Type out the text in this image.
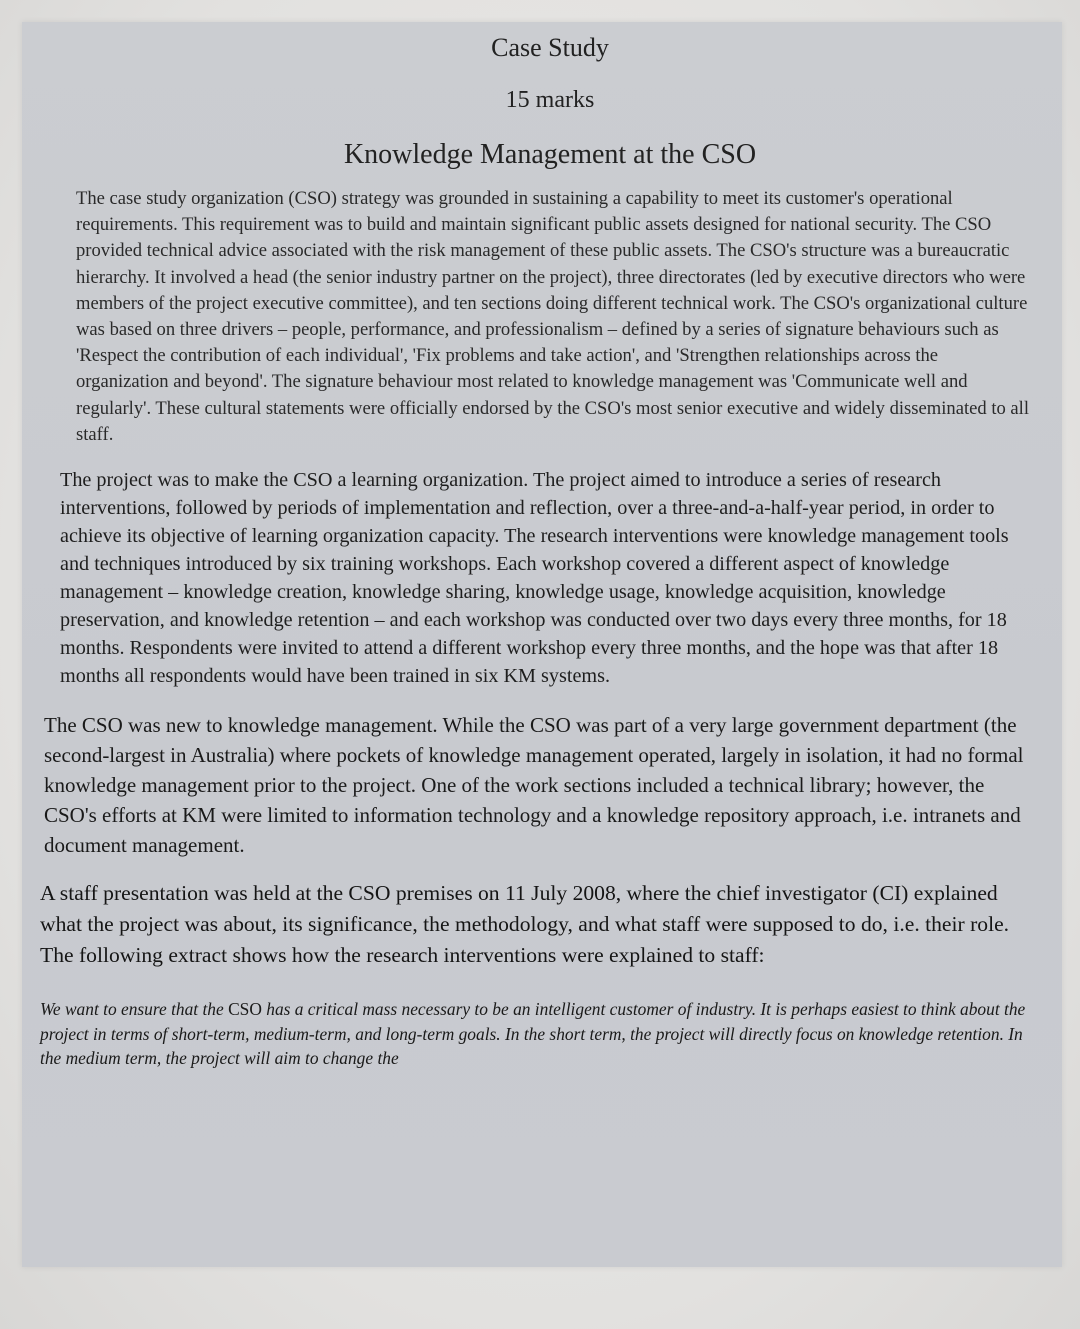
Case Study
15 marks
Knowledge Management at the CSO

The case study organization (CSO) strategy was grounded in sustaining a capability to meet its customer's operational requirements. This requirement was to build and maintain significant public assets designed for national security. The CSO provided technical advice associated with the risk management of these public assets. The CSO's structure was a bureaucratic hierarchy. It involved a head (the senior industry partner on the project), three directorates (led by executive directors who were members of the project executive committee), and ten sections doing different technical work. The CSO's organizational culture was based on three drivers – people, performance, and professionalism – defined by a series of signature behaviours such as 'Respect the contribution of each individual', 'Fix problems and take action', and 'Strengthen relationships across the organization and beyond'. The signature behaviour most related to knowledge management was 'Communicate well and regularly'. These cultural statements were officially endorsed by the CSO's most senior executive and widely disseminated to all staff.

The project was to make the CSO a learning organization. The project aimed to introduce a series of research interventions, followed by periods of implementation and reflection, over a three-and-a-half-year period, in order to achieve its objective of learning organization capacity. The research interventions were knowledge management tools and techniques introduced by six training workshops. Each workshop covered a different aspect of knowledge management – knowledge creation, knowledge sharing, knowledge usage, knowledge acquisition, knowledge preservation, and knowledge retention – and each workshop was conducted over two days every three months, for 18 months. Respondents were invited to attend a different workshop every three months, and the hope was that after 18 months all respondents would have been trained in six KM systems.

The CSO was new to knowledge management. While the CSO was part of a very large government department (the second-largest in Australia) where pockets of knowledge management operated, largely in isolation, it had no formal knowledge management prior to the project. One of the work sections included a technical library; however, the CSO's efforts at KM were limited to information technology and a knowledge repository approach, i.e. intranets and document management.

A staff presentation was held at the CSO premises on 11 July 2008, where the chief investigator (CI) explained what the project was about, its significance, the methodology, and what staff were supposed to do, i.e. their role. The following extract shows how the research interventions were explained to staff:

We want to ensure that the CSO has a critical mass necessary to be an intelligent customer of industry. It is perhaps easiest to think about the project in terms of short-term, medium-term, and long-term goals. In the short term, the project will directly focus on knowledge retention. In the medium term, the project will aim to change the
